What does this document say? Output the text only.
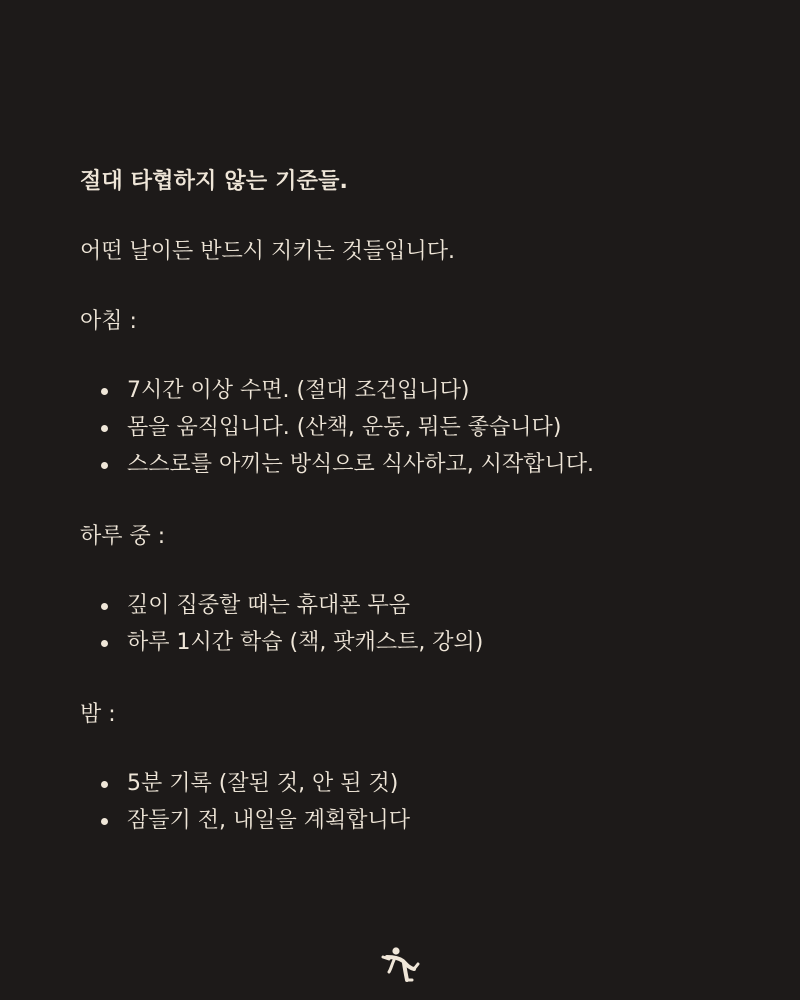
절대 타협하지 않는 기준들.

어떤 날이든 반드시 지키는 것들입니다.

아침 :

7시간 이상 수면. (절대 조건입니다)
몸을 움직입니다. (산책, 운동, 뭐든 좋습니다)
스스로를 아끼는 방식으로 식사하고, 시작합니다.

하루 중 :

깊이 집중할 때는 휴대폰 무음
하루 1시간 학습 (책, 팟캐스트, 강의)

밤 :

5분 기록 (잘된 것, 안 된 것)
잠들기 전, 내일을 계획합니다
